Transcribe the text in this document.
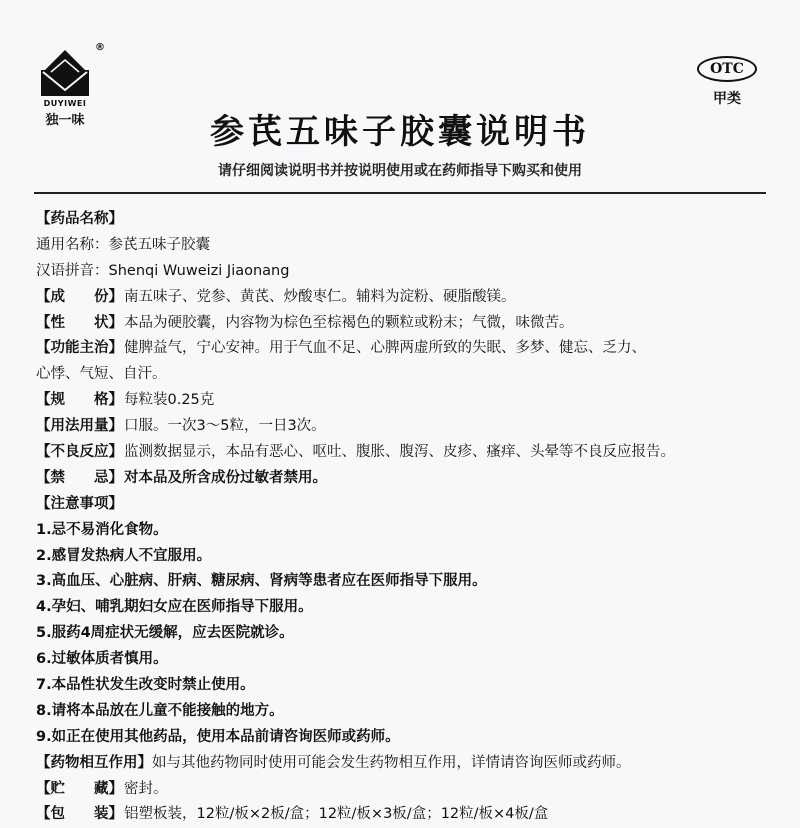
®
DUYIWEI
独一味
OTC
甲类
参芪五味子胶囊说明书
请仔细阅读说明书并按说明使用或在药师指导下购买和使用
【药品名称】
通用名称：参芪五味子胶囊
汉语拼音：Shenqi Wuweizi Jiaonang
【成　　份】南五味子、党参、黄芪、炒酸枣仁。辅料为淀粉、硬脂酸镁。
【性　　状】本品为硬胶囊，内容物为棕色至棕褐色的颗粒或粉末；气微，味微苦。
【功能主治】健脾益气，宁心安神。用于气血不足、心脾两虚所致的失眠、多梦、健忘、乏力、
心悸、气短、自汗。
【规　　格】每粒装0.25克
【用法用量】口服。一次3～5粒，一日3次。
【不良反应】监测数据显示，本品有恶心、呕吐、腹胀、腹泻、皮疹、瘙痒、头晕等不良反应报告。
【禁　　忌】对本品及所含成份过敏者禁用。
【注意事项】
1.忌不易消化食物。
2.感冒发热病人不宜服用。
3.高血压、心脏病、肝病、糖尿病、肾病等患者应在医师指导下服用。
4.孕妇、哺乳期妇女应在医师指导下服用。
5.服药4周症状无缓解，应去医院就诊。
6.过敏体质者慎用。
7.本品性状发生改变时禁止使用。
8.请将本品放在儿童不能接触的地方。
9.如正在使用其他药品，使用本品前请咨询医师或药师。
【药物相互作用】如与其他药物同时使用可能会发生药物相互作用，详情请咨询医师或药师。
【贮　　藏】密封。
【包　　装】铝塑板装，12粒/板×2板/盒；12粒/板×3板/盒；12粒/板×4板/盒
